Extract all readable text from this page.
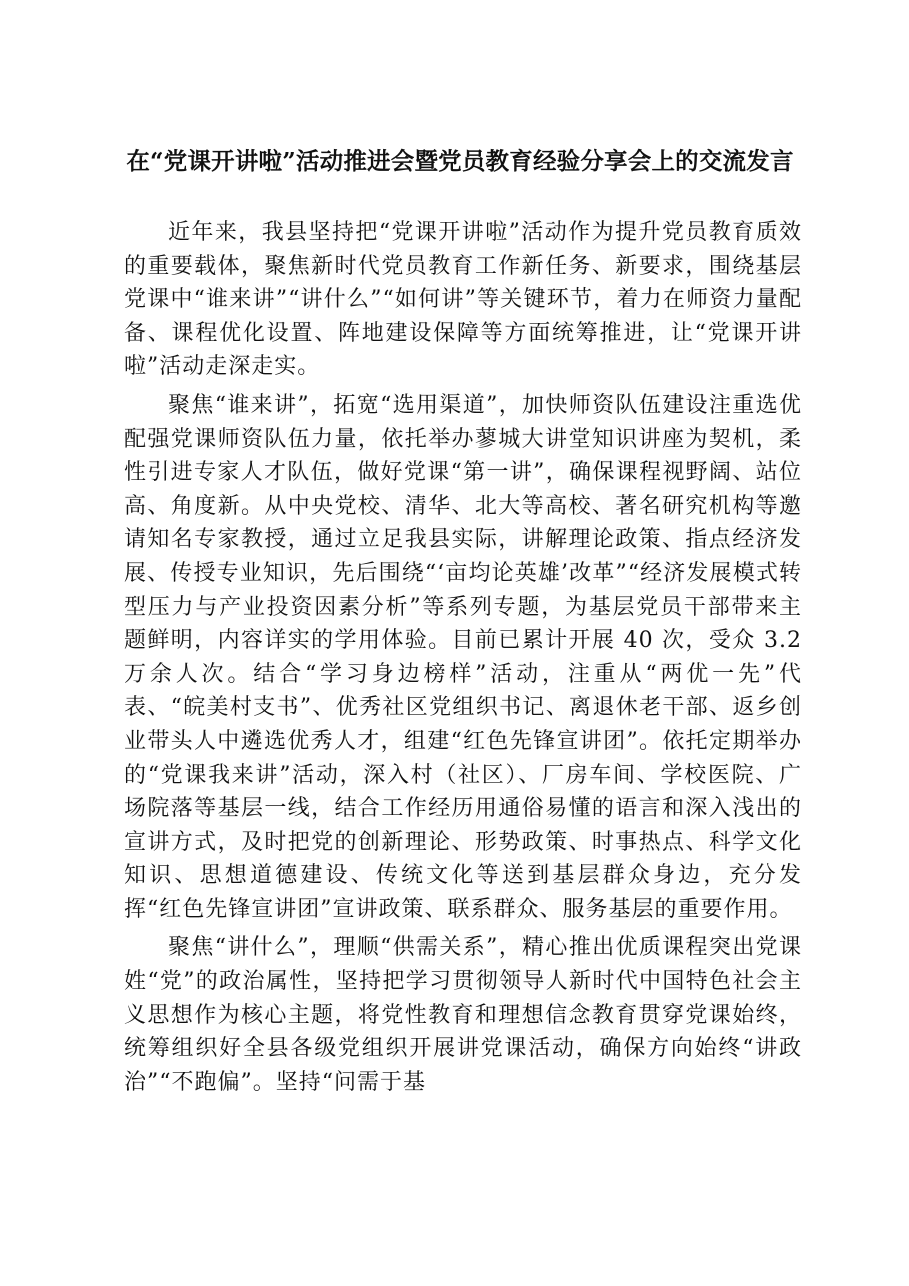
在“党课开讲啦”活动推进会暨党员教育经验分享会上的交流发言

近年来，我县坚持把“党课开讲啦”活动作为提升党员教育质效的重要载体，聚焦新时代党员教育工作新任务、新要求，围绕基层党课中“谁来讲”“讲什么”“如何讲”等关键环节，着力在师资力量配备、课程优化设置、阵地建设保障等方面统筹推进，让“党课开讲啦”活动走深走实。

聚焦“谁来讲”，拓宽“选用渠道”，加快师资队伍建设注重选优配强党课师资队伍力量，依托举办蓼城大讲堂知识讲座为契机，柔性引进专家人才队伍，做好党课“第一讲”，确保课程视野阔、站位高、角度新。从中央党校、清华、北大等高校、著名研究机构等邀请知名专家教授，通过立足我县实际，讲解理论政策、指点经济发展、传授专业知识，先后围绕“‘亩均论英雄’改革”“经济发展模式转型压力与产业投资因素分析”等系列专题，为基层党员干部带来主题鲜明，内容详实的学用体验。目前已累计开展 40 次，受众 3.2 万余人次。结合“学习身边榜样”活动，注重从“两优一先”代表、“皖美村支书”、优秀社区党组织书记、离退休老干部、返乡创业带头人中遴选优秀人才，组建“红色先锋宣讲团”。依托定期举办的“党课我来讲”活动，深入村（社区）、厂房车间、学校医院、广场院落等基层一线，结合工作经历用通俗易懂的语言和深入浅出的宣讲方式，及时把党的创新理论、形势政策、时事热点、科学文化知识、思想道德建设、传统文化等送到基层群众身边，充分发挥“红色先锋宣讲团”宣讲政策、联系群众、服务基层的重要作用。

聚焦“讲什么”，理顺“供需关系”，精心推出优质课程突出党课姓“党”的政治属性，坚持把学习贯彻领导人新时代中国特色社会主义思想作为核心主题，将党性教育和理想信念教育贯穿党课始终，统筹组织好全县各级党组织开展讲党课活动，确保方向始终“讲政治”“不跑偏”。坚持“问需于基
